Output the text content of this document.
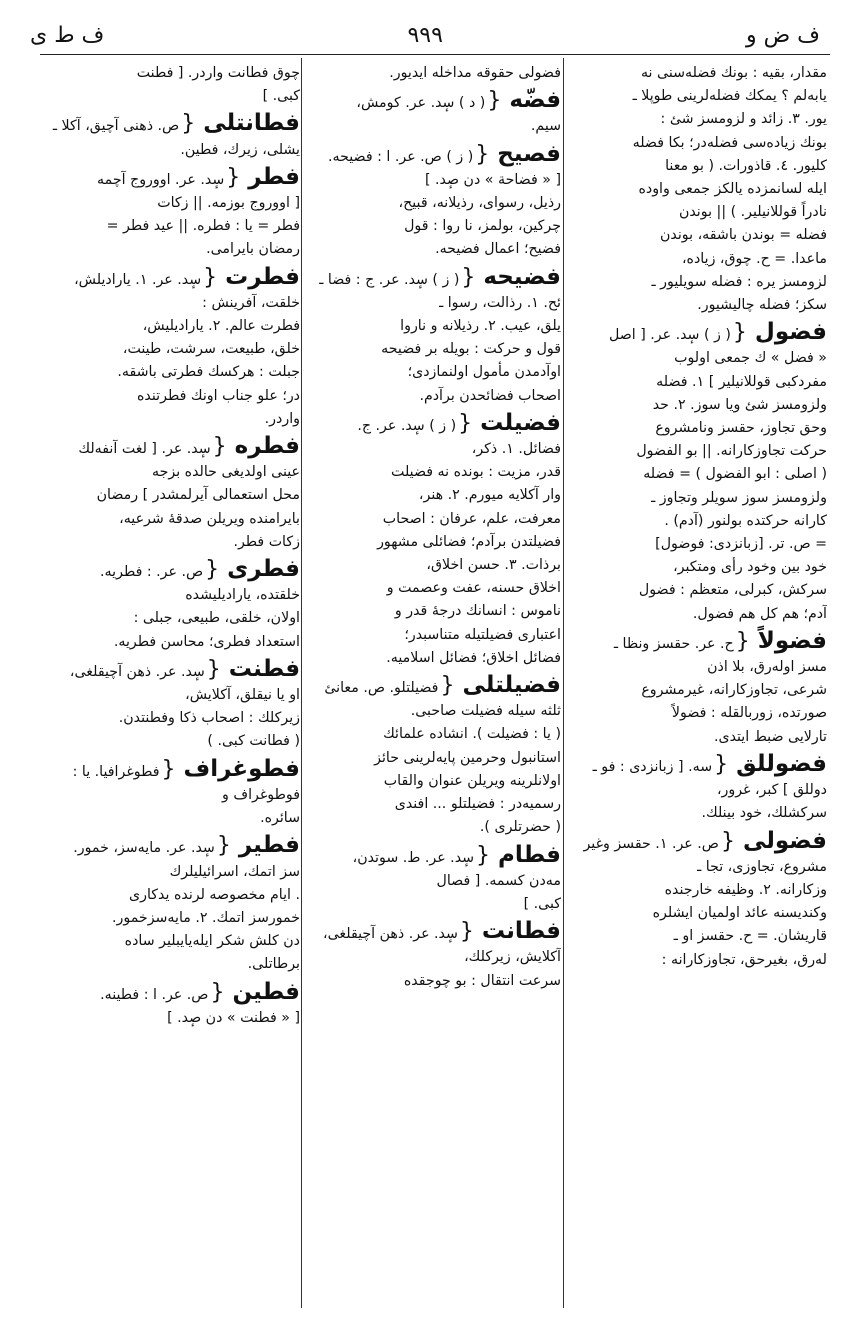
ف ط ى	٩٩٩	ف ض و
مقدار، بقيه : بونك فضله‌سنى نه
يابه‌لم ؟ يمكك فضله‌لرينى طوپلا ـ
يور. ٣. زائد و لزومسز شئ :
بونك زياده‌سى فضله‌در؛ بكا فضله
كليور. ٤. قاذورات. ( بو معنا
ايله لسانمزده يالكز جمعى واوده
نادراً قوللانيلير. ) || بوندن
فضله = بوندن باشقه، بوندن
ماعدا. = ح. چوق، زياده،
لزومسز يره : فضله سويليور ـ
سكز؛ فضله چاليشيور.
فضول{( ز ) سٕد. عر. [ اصل
« فضل » ك جمعى اولوب
مفردكبى قوللانيلير ] ١. فضله
ولزومسز شئ ويا سوز. ٢. حد
وحق تجاوز، حقسز ونامشروع
حركت تجاوزكارانه. || بو الفضول
( اصلى : ابو الفضول ) = فضله
ولزومسز سوز سويلر وتجاوز ـ
كارانه حركتده بولنور (آدم) .
= ص. تر. [زبانزدى: فوضول]
خود بين وخود رأى ومتكبر،
سركش، كبرلى، متعظم : فضول
آدم؛ هم كل هم فضول.
فضولاً{ح. عر. حقسز ونظا ـ
مسز اوله‌رق، بلا اذن
شرعى، تجاوزكارانه، غيرمشروع
صورتده، زوربالقله : فضولاً
تارلايى ضبط ايتدى.
فضوللق{سه. [ زبانزدى : فو ـ
دوللق ] كبر، غرور،
سركشلك، خود بينلك.
فضولى{ص. عر. ١. حقسز وغير
مشروع، تجاوزى، تجا ـ
وزكارانه. ٢. وظيفه خارجنده
وكنديسنه عائد اولميان ايشلره
قاريشان. = ح. حقسز او ـ
له‌رق، بغيرحق، تجاوزكارانه :
فضولى حقوقه مداخله ايديور.
فضّه{( د ) سٕد. عر. كومش،
سيم.
فصيح{( ز ) ص. عر. ا : فضيحه.
[ « فضاحة » دن صٕد. ]
رذيل، رسواى، رذيلانه، قبيح،
چركين، بولمز، نا روا : قول
فضيح؛ اعمال فضيحه.
فضيحه{( ز ) سٕد. عر. ج : فضا ـ
ئح. ١. رذالت، رسوا ـ
يلق، عيب. ٢. رذيلانه و ناروا
قول و حركت : بويله بر فضيحه
اوآدمدن مأمول اولنمازدى؛
اصحاب فضائحدن برآدم.
فضيلت{( ز ) سٕد. عر. ج.
فضائل. ١. ذكر،
قدر، مزيت : بونده نه فضيلت
وار آكلايه ميورم. ٢. هنر،
معرفت، علم، عرفان : اصحاب
فضيلتدن برآدم؛ فضائلى مشهور
برذات. ٣. حسن اخلاق،
اخلاق حسنه، عفت وعصمت و
ناموس : انسانك درجهٔ قدر و
اعتبارى فضيلتيله متناسبدر؛
فضائل اخلاق؛ فضائل اسلاميه.
فضيلتلى{فضيلتلو. ص. معانئ
ثلثه سيله فضيلت صاحبى.
( يا : فضيلت ). انشاده علمائك
استانبول وحرمين پايه‌لرينى حائز
اولانلرينه ويريلن عنوان والقاب
رسميه‌در : فضيلتلو ... افندى
( حضرتلرى ).
فطام{سٕد. عر. ط. سوتدن،
مه‌دن كسمه. [ فصال
كبى. ]
فطانت{سٕد. عر. ذهن آچيقلغى،
آكلايش، زيركلك،
سرعت انتقال : بو چوجقده
چوق فطانت واردر. [ فطنت
كبى. ]
فطانتلى{ص. ذهنى آچيق، آكلا ـ
يشلى، زيرك، فطين.
فطر{سٕد. عر. اووروج آچمه
[ اووروج بوزمه. || زكات
فطر = يا : فطره. || عيد فطر =
رمضان بايرامى.
فطرت{سٕد. عر. ١. ياراديلش،
خلقت، آفرينش :
فطرت عالم. ٢. ياراديليش،
خلق، طبيعت، سرشت، طينت،
جبلت : هركسك فطرتى باشقه.
در؛ علو جناب اونك فطرتنده
واردر.
فطره{سٕد. عر. [ لغت آنفه‌لك
عينى اولديغى حالده بزجه
محل استعمالى آيرلمشدر ] رمضان
بايرامنده ويريلن صدقهٔ شرعيه،
زكات فطر.
فطرى{ص. عر. : فطريه.
خلقتده، ياراديليشده
اولان، خلقى، طبيعى، جبلى :
استعداد فطرى؛ محاسن فطريه.
فطنت{سٕد. عر. ذهن آچيقلغى،
او يا نيقلق، آكلايش،
زيركلك : اصحاب ذكا وفطنتدن.
( فطانت كبى. )
فطوغراف{فطوغرافيا. يا :
فوطوغراف و
سائره.
فطير{سٕد. عر. مايه‌سز، خمور.
سز اتمك، اسرائيليلرك
. ايام مخصوصه لرنده يدكارى
خمورسز اتمك. ٢. مايه‌سزخمور.
دن كلش شكر ايله‌يايبلير ساده
برطاتلى.
فطين{ص. عر. ا : فطينه.
[ « فطنت » دن صٕد. ]
